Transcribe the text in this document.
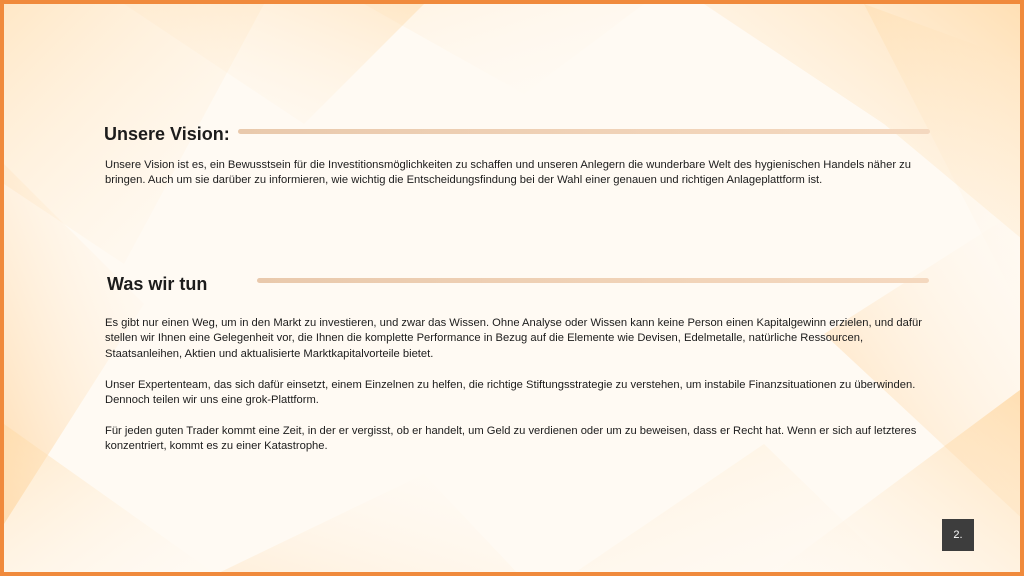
Unsere Vision:

Unsere Vision ist es, ein Bewusstsein für die Investitionsmöglichkeiten zu schaffen und unseren Anlegern die wunderbare Welt des hygienischen Handels näher zu bringen. Auch um sie darüber zu informieren, wie wichtig die Entscheidungsfindung bei der Wahl einer genauen und richtigen Anlageplattform ist.

Was wir tun

Es gibt nur einen Weg, um in den Markt zu investieren, und zwar das Wissen. Ohne Analyse oder Wissen kann keine Person einen Kapitalgewinn erzielen, und dafür stellen wir Ihnen eine Gelegenheit vor, die Ihnen die komplette Performance in Bezug auf die Elemente wie Devisen, Edelmetalle, natürliche Ressourcen, Staatsanleihen, Aktien und aktualisierte Marktkapitalvorteile bietet.

Unser Expertenteam, das sich dafür einsetzt, einem Einzelnen zu helfen, die richtige Stiftungsstrategie zu verstehen, um instabile Finanzsituationen zu überwinden. Dennoch teilen wir uns eine grok-Plattform.

Für jeden guten Trader kommt eine Zeit, in der er vergisst, ob er handelt, um Geld zu verdienen oder um zu beweisen, dass er Recht hat. Wenn er sich auf letzteres konzentriert, kommt es zu einer Katastrophe.

2.
